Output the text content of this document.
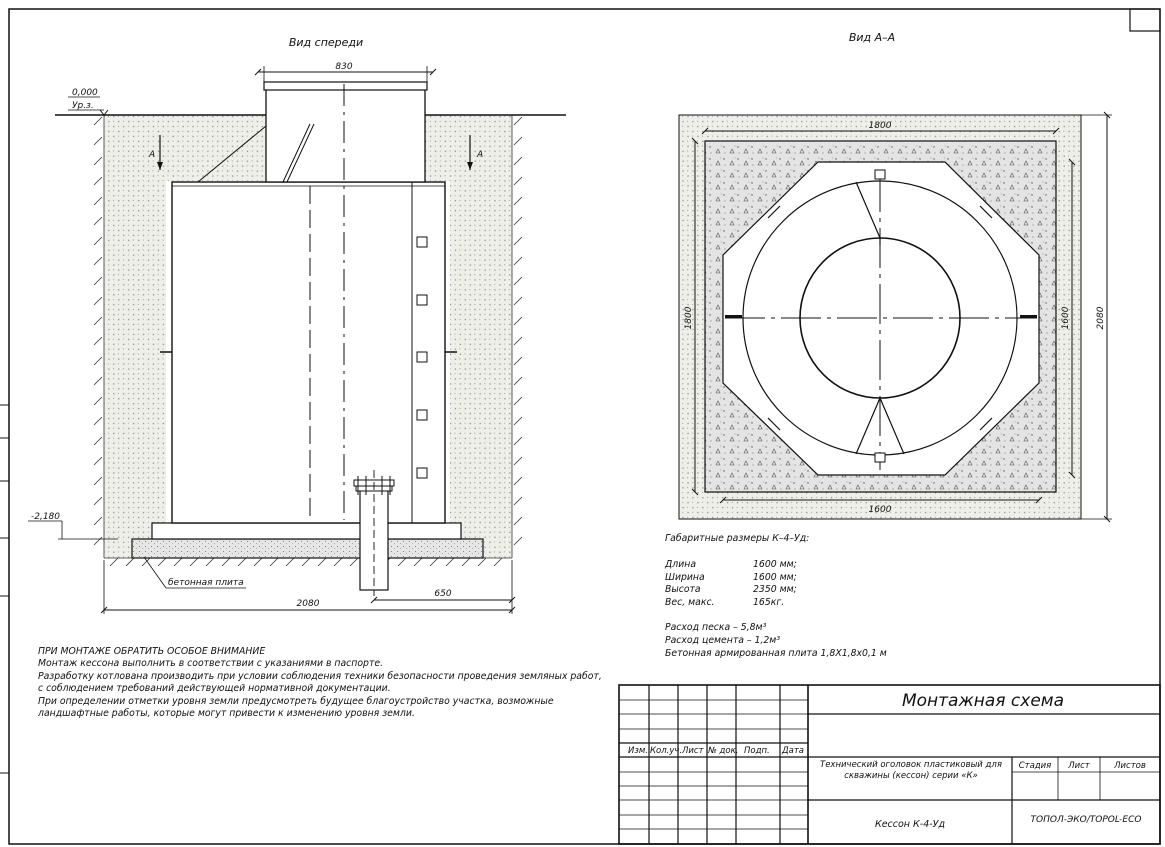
Вид спереди
А	А
830
0,000
Ур.з.
-2,180
бетонная плита
650
2080
Вид А–А
1800
1600
1800	1600	2080
Габаритные размеры К–4–Уд:
Длина	1600 мм;
Ширина	1600 мм;
Высота	2350 мм;
Вес, макс.	165кг.
Расход песка – 5,8м³
Расход цемента – 1,2м³
Бетонная армированная плита 1,8Х1,8х0,1 м
ПРИ МОНТАЖЕ ОБРАТИТЬ ОСОБОЕ ВНИМАНИЕ
Монтаж кессона выполнить в соответствии с указаниями в паспорте.
Разработку котлована производить при условии соблюдения техники безопасности проведения земляных работ,
с соблюдением требований действующей нормативной документации.
При определении отметки уровня земли предусмотреть будущее благоустройство участка, возможные
ландшафтные работы, которые могут привести к изменению уровня земли.
Изм. Кол.уч. Лист № док. Подп. Дата
Монтажная схема
Технический оголовок пластиковый для скважины (кессон) серии «К»
Стадия Лист	Листов
Кессон К-4-Уд	ТОПОЛ-ЭКО/TOPOL-ECO
